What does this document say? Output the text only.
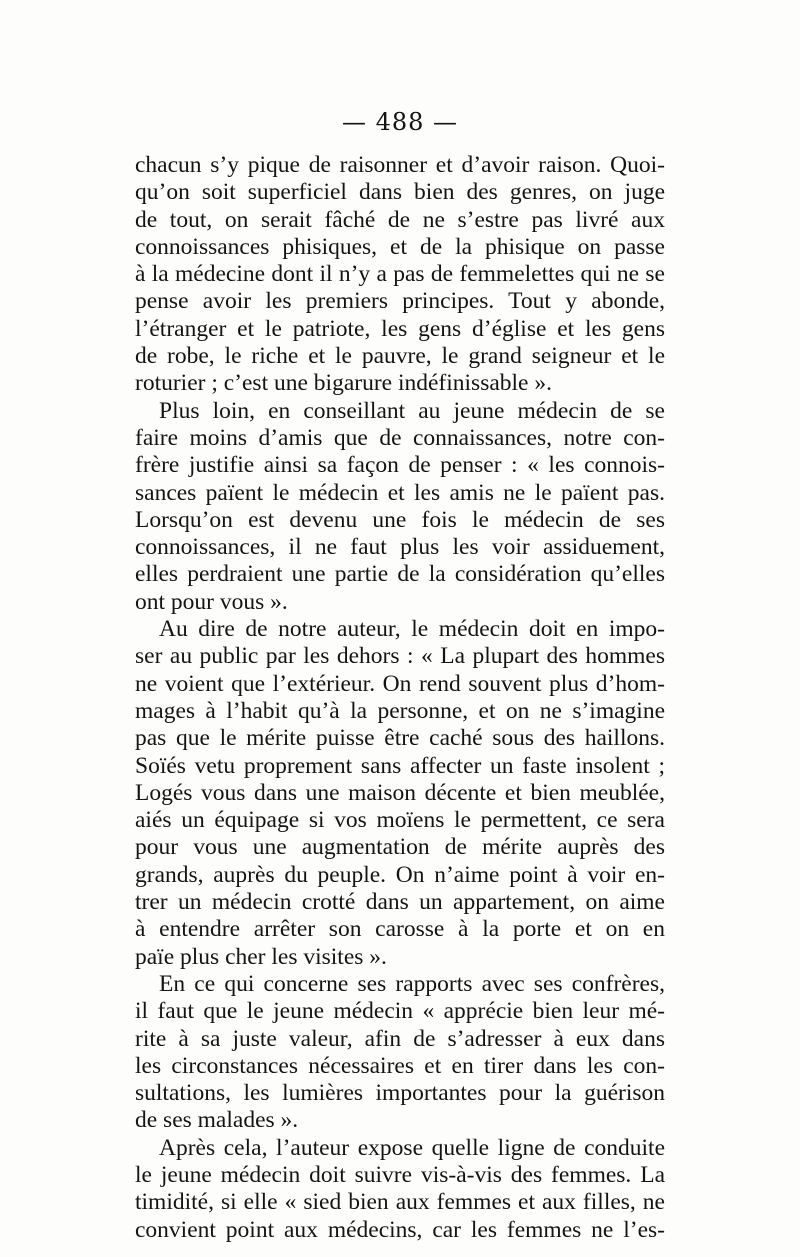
— 488 —
chacun s’y pique de raisonner et d’avoir raison. Quoi-
qu’on soit superficiel dans bien des genres, on juge
de tout, on serait fâché de ne s’estre pas livré aux
connoissances phisiques, et de la phisique on passe
à la médecine dont il n’y a pas de femmelettes qui ne se
pense avoir les premiers principes. Tout y abonde,
l’étranger et le patriote, les gens d’église et les gens
de robe, le riche et le pauvre, le grand seigneur et le
roturier ; c’est une bigarure indéfinissable ».
Plus loin, en conseillant au jeune médecin de se
faire moins d’amis que de connaissances, notre con-
frère justifie ainsi sa façon de penser : « les connois-
sances païent le médecin et les amis ne le païent pas.
Lorsqu’on est devenu une fois le médecin de ses
connoissances, il ne faut plus les voir assiduement,
elles perdraient une partie de la considération qu’elles
ont pour vous ».
Au dire de notre auteur, le médecin doit en impo-
ser au public par les dehors : « La plupart des hommes
ne voient que l’extérieur. On rend souvent plus d’hom-
mages à l’habit qu’à la personne, et on ne s’imagine
pas que le mérite puisse être caché sous des haillons.
Soïés vetu proprement sans affecter un faste insolent ;
Logés vous dans une maison décente et bien meublée,
aiés un équipage si vos moïens le permettent, ce sera
pour vous une augmentation de mérite auprès des
grands, auprès du peuple. On n’aime point à voir en-
trer un médecin crotté dans un appartement, on aime
à entendre arrêter son carosse à la porte et on en
païe plus cher les visites ».
En ce qui concerne ses rapports avec ses confrères,
il faut que le jeune médecin « apprécie bien leur mé-
rite à sa juste valeur, afin de s’adresser à eux dans
les circonstances nécessaires et en tirer dans les con-
sultations, les lumières importantes pour la guérison
de ses malades ».
Après cela, l’auteur expose quelle ligne de conduite
le jeune médecin doit suivre vis-à-vis des femmes. La
timidité, si elle « sied bien aux femmes et aux filles, ne
convient point aux médecins, car les femmes ne l’es-
